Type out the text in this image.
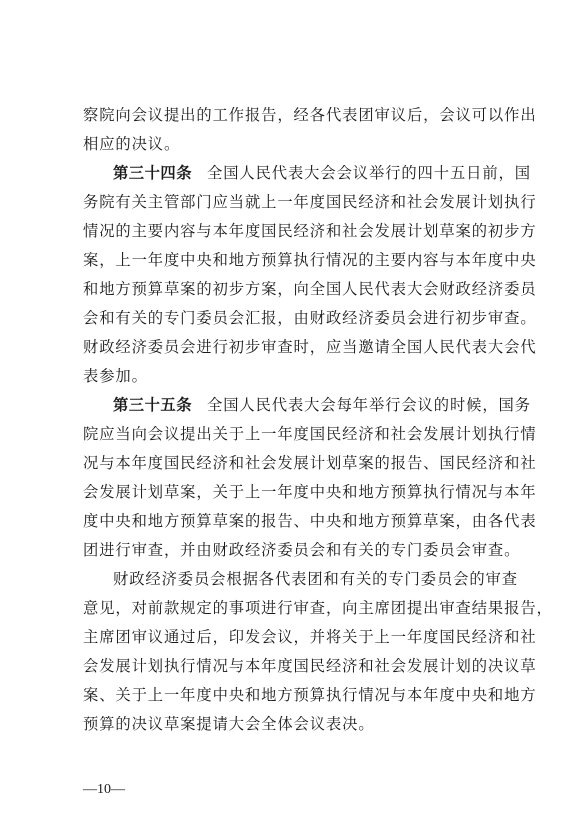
察院向会议提出的工作报告，经各代表团审议后，会议可以作出
相应的决议。
第三十四条 全国人民代表大会会议举行的四十五日前，国
务院有关主管部门应当就上一年度国民经济和社会发展计划执行
情况的主要内容与本年度国民经济和社会发展计划草案的初步方
案，上一年度中央和地方预算执行情况的主要内容与本年度中央
和地方预算草案的初步方案，向全国人民代表大会财政经济委员
会和有关的专门委员会汇报，由财政经济委员会进行初步审查。
财政经济委员会进行初步审查时，应当邀请全国人民代表大会代
表参加。
第三十五条 全国人民代表大会每年举行会议的时候，国务
院应当向会议提出关于上一年度国民经济和社会发展计划执行情
况与本年度国民经济和社会发展计划草案的报告、国民经济和社
会发展计划草案，关于上一年度中央和地方预算执行情况与本年
度中央和地方预算草案的报告、中央和地方预算草案，由各代表
团进行审查，并由财政经济委员会和有关的专门委员会审查。
财政经济委员会根据各代表团和有关的专门委员会的审查
意见，对前款规定的事项进行审查，向主席团提出审查结果报告，
主席团审议通过后，印发会议，并将关于上一年度国民经济和社
会发展计划执行情况与本年度国民经济和社会发展计划的决议草
案、关于上一年度中央和地方预算执行情况与本年度中央和地方
预算的决议草案提请大会全体会议表决。
—10—
